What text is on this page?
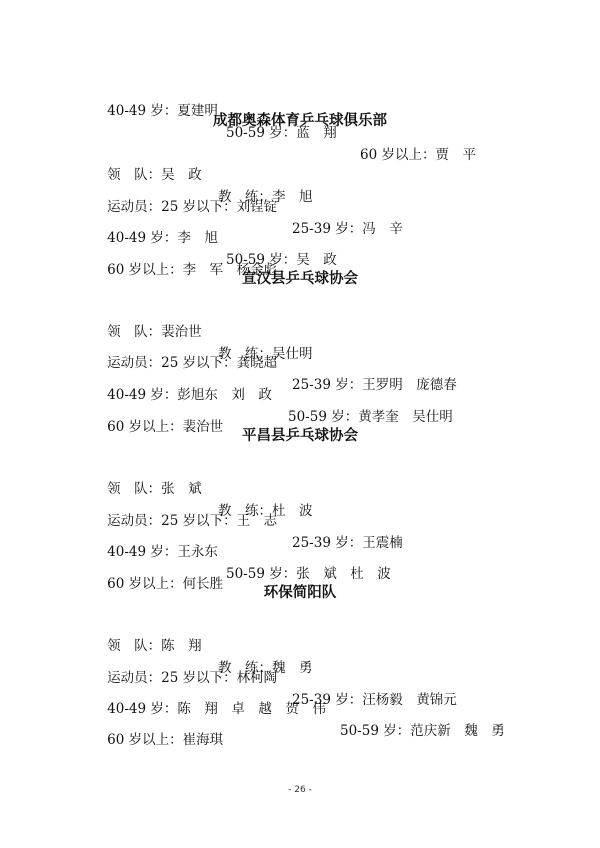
40-49 岁：夏建明

50-59 岁：蓝　翔

60 岁以上：贾　平

成都奥森体育乒乓球俱乐部

领　队：吴　政

教　练：李　旭

运动员：25 岁以下：刘锃锭

25-39 岁：冯　辛

40-49 岁：李　旭

50-59 岁：吴　政

60 岁以上：李　军　杨金彪

宣汉县乒乓球协会

领　队：裴治世

教　练：吴仕明

运动员：25 岁以下：龚晓超

25-39 岁：王罗明　庞德春

40-49 岁：彭旭东　刘　政

50-59 岁：黄孝奎　吴仕明

60 岁以上：裴治世

平昌县乒乓球协会

领　队：张　斌

教　练：杜　波

运动员：25 岁以下：王　志

25-39 岁：王震楠

40-49 岁：王永东

50-59 岁：张　斌　杜　波

60 岁以上：何长胜

环保简阳队

领　队：陈　翔

教　练：魏　勇

运动员：25 岁以下：林柯陶

25-39 岁：汪杨毅　黄锦元

40-49 岁：陈　翔　卓　越　贺　伟

50-59 岁：范庆新　魏　勇

60 岁以上：崔海琪

- 26 -
